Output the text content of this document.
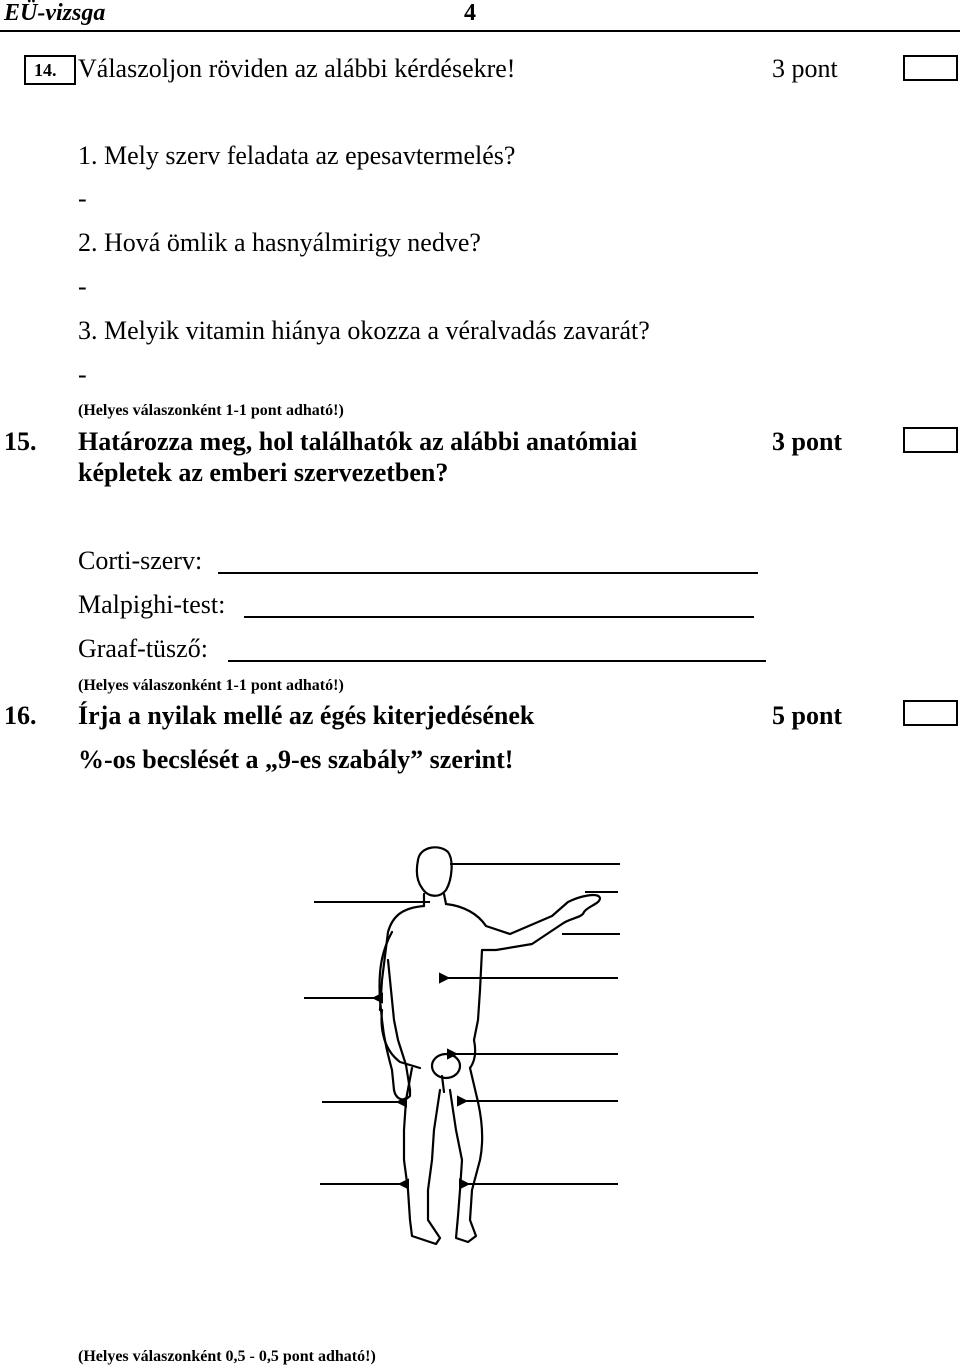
EÜ-vizsga	4
14. Válaszoljon röviden az alábbi kérdésekre!	3 pont
1. Mely szerv feladata az epesavtermelés?
-
2. Hová ömlik a hasnyálmirigy nedve?
-
3. Melyik vitamin hiánya okozza a véralvadás zavarát?
-
(Helyes válaszonként 1-1 pont adható!)
15. Határozza meg, hol találhatók az alábbi anatómiai
képletek az emberi szervezetben?
3 pont
Corti-szerv:
Malpighi-test:
Graaf-tüsző:
(Helyes válaszonként 1-1 pont adható!)
16. Írja a nyilak mellé az égés kiterjedésének
%-os becslését a „9-es szabály” szerint!
5 pont
(Helyes válaszonként 0,5 - 0,5 pont adható!)
